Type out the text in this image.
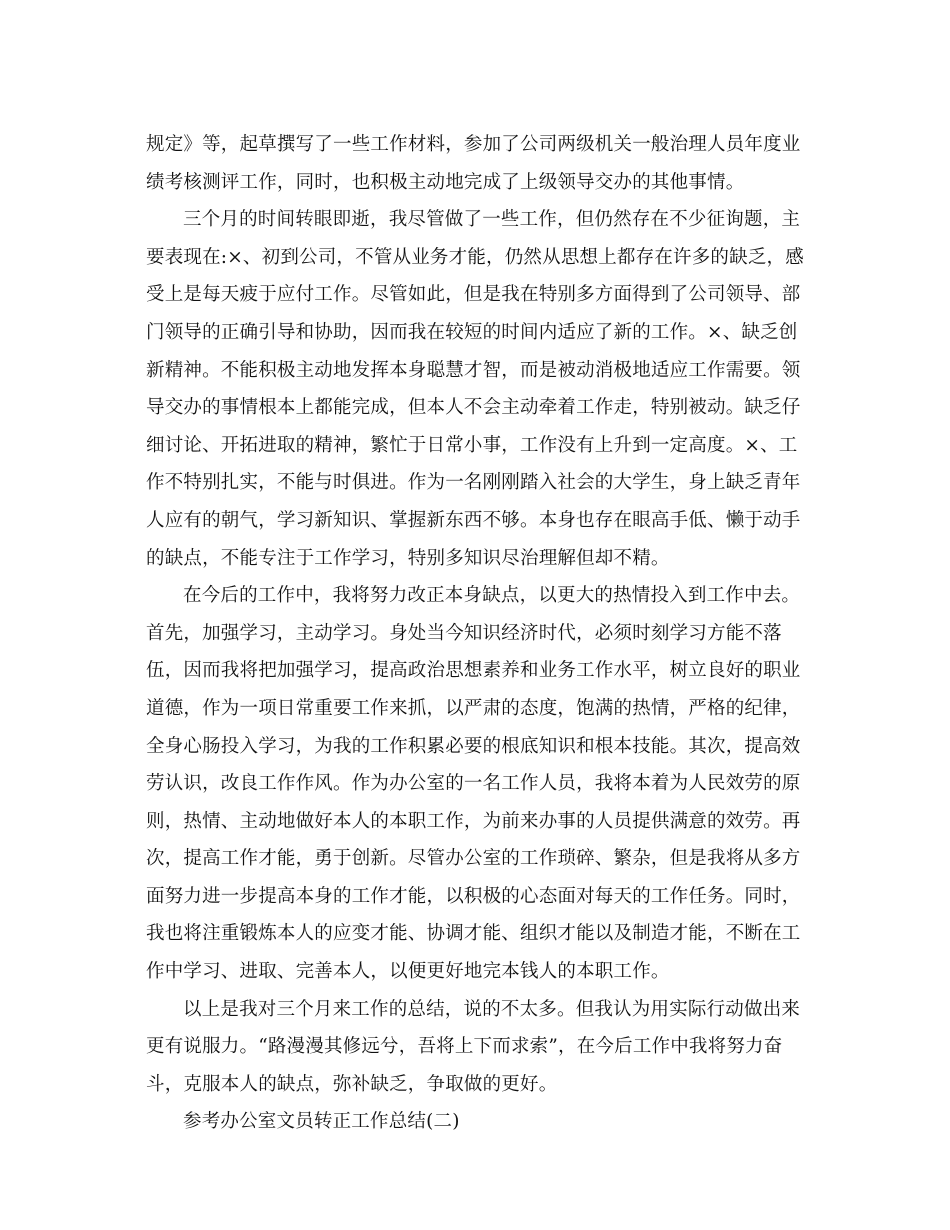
规定》等，起草撰写了一些工作材料，参加了公司两级机关一般治理人员年度业
绩考核测评工作，同时，也积极主动地完成了上级领导交办的其他事情。
三个月的时间转眼即逝，我尽管做了一些工作，但仍然存在不少征询题，主
要表现在:×、初到公司，不管从业务才能，仍然从思想上都存在许多的缺乏，感
受上是每天疲于应付工作。尽管如此，但是我在特别多方面得到了公司领导、部
门领导的正确引导和协助，因而我在较短的时间内适应了新的工作。×、缺乏创
新精神。不能积极主动地发挥本身聪慧才智，而是被动消极地适应工作需要。领
导交办的事情根本上都能完成，但本人不会主动牵着工作走，特别被动。缺乏仔
细讨论、开拓进取的精神，繁忙于日常小事，工作没有上升到一定高度。×、工
作不特别扎实，不能与时俱进。作为一名刚刚踏入社会的大学生，身上缺乏青年
人应有的朝气，学习新知识、掌握新东西不够。本身也存在眼高手低、懒于动手
的缺点，不能专注于工作学习，特别多知识尽治理解但却不精。
在今后的工作中，我将努力改正本身缺点，以更大的热情投入到工作中去。
首先，加强学习，主动学习。身处当今知识经济时代，必须时刻学习方能不落
伍，因而我将把加强学习，提高政治思想素养和业务工作水平，树立良好的职业
道德，作为一项日常重要工作来抓，以严肃的态度，饱满的热情，严格的纪律，
全身心肠投入学习，为我的工作积累必要的根底知识和根本技能。其次，提高效
劳认识，改良工作作风。作为办公室的一名工作人员，我将本着为人民效劳的原
则，热情、主动地做好本人的本职工作，为前来办事的人员提供满意的效劳。再
次，提高工作才能，勇于创新。尽管办公室的工作琐碎、繁杂，但是我将从多方
面努力进一步提高本身的工作才能，以积极的心态面对每天的工作任务。同时，
我也将注重锻炼本人的应变才能、协调才能、组织才能以及制造才能，不断在工
作中学习、进取、完善本人，以便更好地完本钱人的本职工作。
以上是我对三个月来工作的总结，说的不太多。但我认为用实际行动做出来
更有说服力。“路漫漫其修远兮，吾将上下而求索”，在今后工作中我将努力奋
斗，克服本人的缺点，弥补缺乏，争取做的更好。
参考办公室文员转正工作总结(二)
